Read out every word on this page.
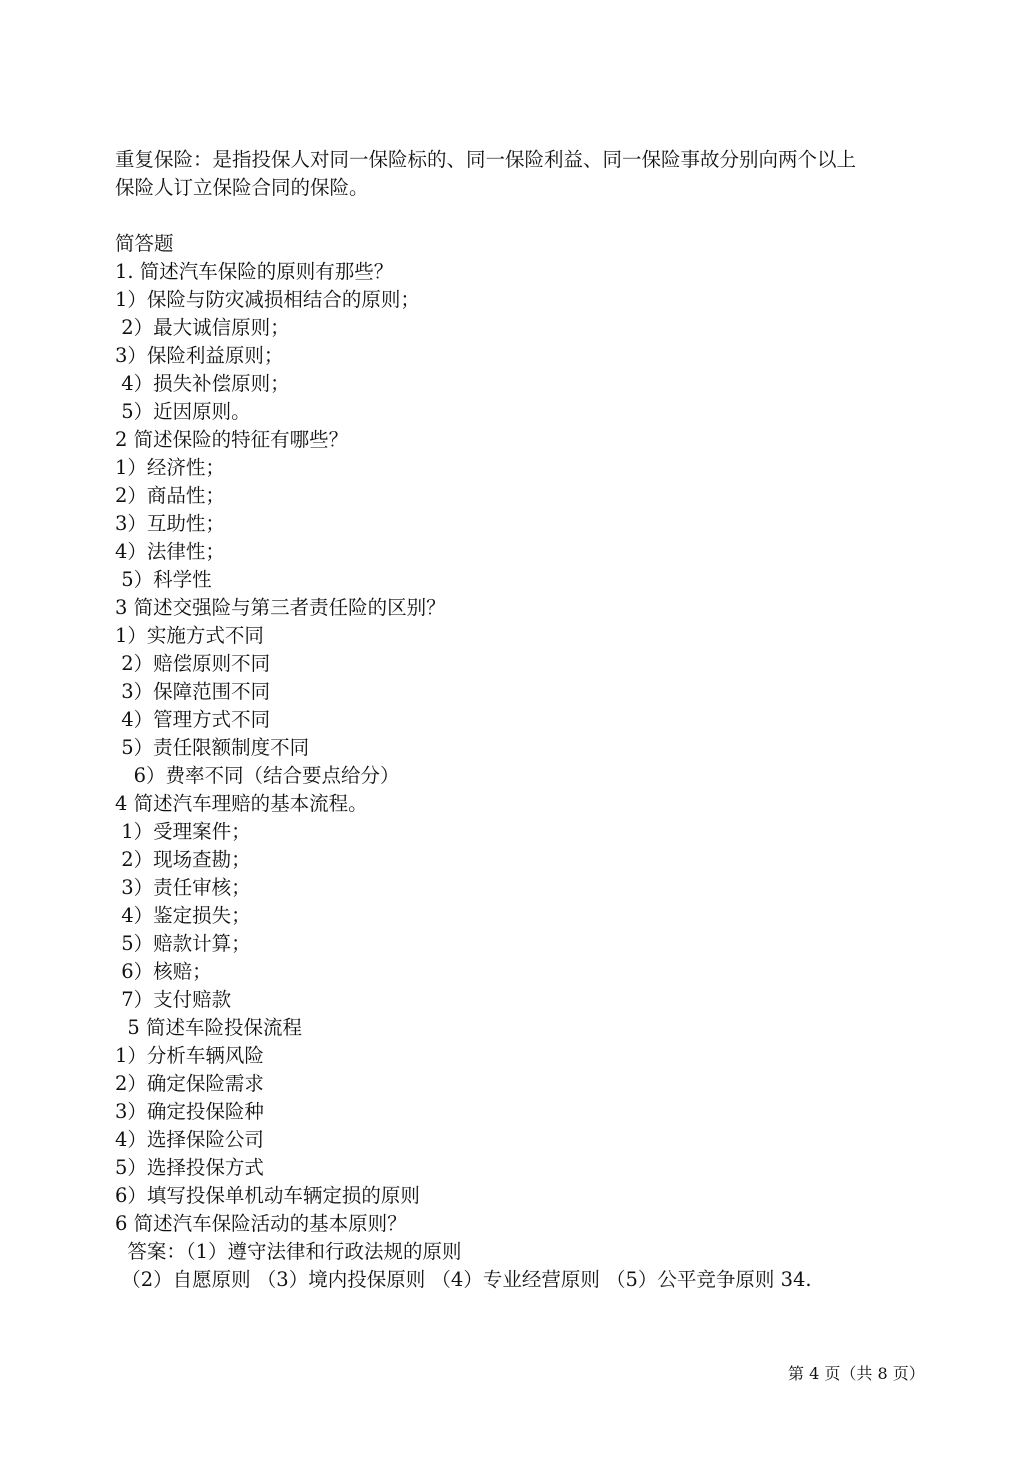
重复保险：是指投保人对同一保险标的、同一保险利益、同一保险事故分别向两个以上

保险人订立保险合同的保险。

简答题

1. 简述汽车保险的原则有那些？

1）保险与防灾减损相结合的原则；

2）最大诚信原则；

3）保险利益原则；

4）损失补偿原则；

5）近因原则。

2 简述保险的特征有哪些？

1）经济性；

2）商品性；

3）互助性；

4）法律性；

5）科学性

3 简述交强险与第三者责任险的区别？

1）实施方式不同

2）赔偿原则不同

3）保障范围不同

4）管理方式不同

5）责任限额制度不同

6）费率不同（结合要点给分）

4 简述汽车理赔的基本流程。

1）受理案件；

2）现场查勘；

3）责任审核；

4）鉴定损失；

5）赔款计算；

6）核赔；

7）支付赔款

5 简述车险投保流程

1）分析车辆风险

2）确定保险需求

3）确定投保险种

4）选择保险公司

5）选择投保方式

6）填写投保单机动车辆定损的原则

6 简述汽车保险活动的基本原则？

答案：（1）遵守法律和行政法规的原则

（2）自愿原则 （3）境内投保原则 （4）专业经营原则 （5）公平竞争原则 34.

第 4 页（共 8 页）
